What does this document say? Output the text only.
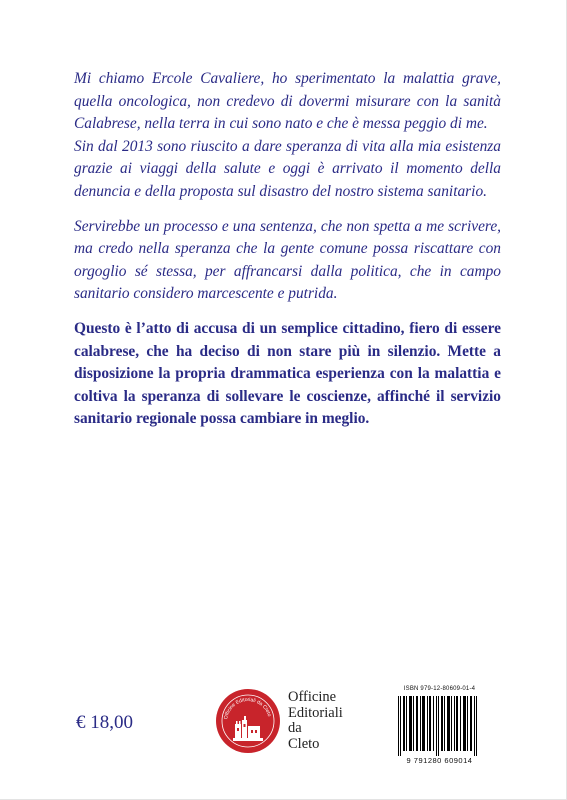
Mi chiamo Ercole Cavaliere, ho sperimentato la malattia grave, quella oncologica, non credevo di dovermi misurare con la sanità Calabrese, nella terra in cui sono nato e che è messa peggio di me.

Sin dal 2013 sono riuscito a dare speranza di vita alla mia esistenza grazie ai viaggi della salute e oggi è arrivato il momento della denuncia e della proposta sul disastro del nostro sistema sanitario.

Servirebbe un processo e una sentenza, che non spetta a me scrivere, ma credo nella speranza che la gente comune possa riscattare con orgoglio sé stessa, per affrancarsi dalla politica, che in campo sanitario considero marcescente e putrida.

Questo è l’atto di accusa di un semplice cittadino, fiero di essere calabrese, che ha deciso di non stare più in silenzio. Mette a disposizione la propria drammatica esperienza con la malattia e coltiva la speranza di sollevare le coscienze, affinché il servizio sanitario regionale possa cambiare in meglio.

€ 18,00	Officine Editoriali da Cleto
Officine
Editoriali
da
Cleto
ISBN 979-12-80609-01-4
9 791280 609014
